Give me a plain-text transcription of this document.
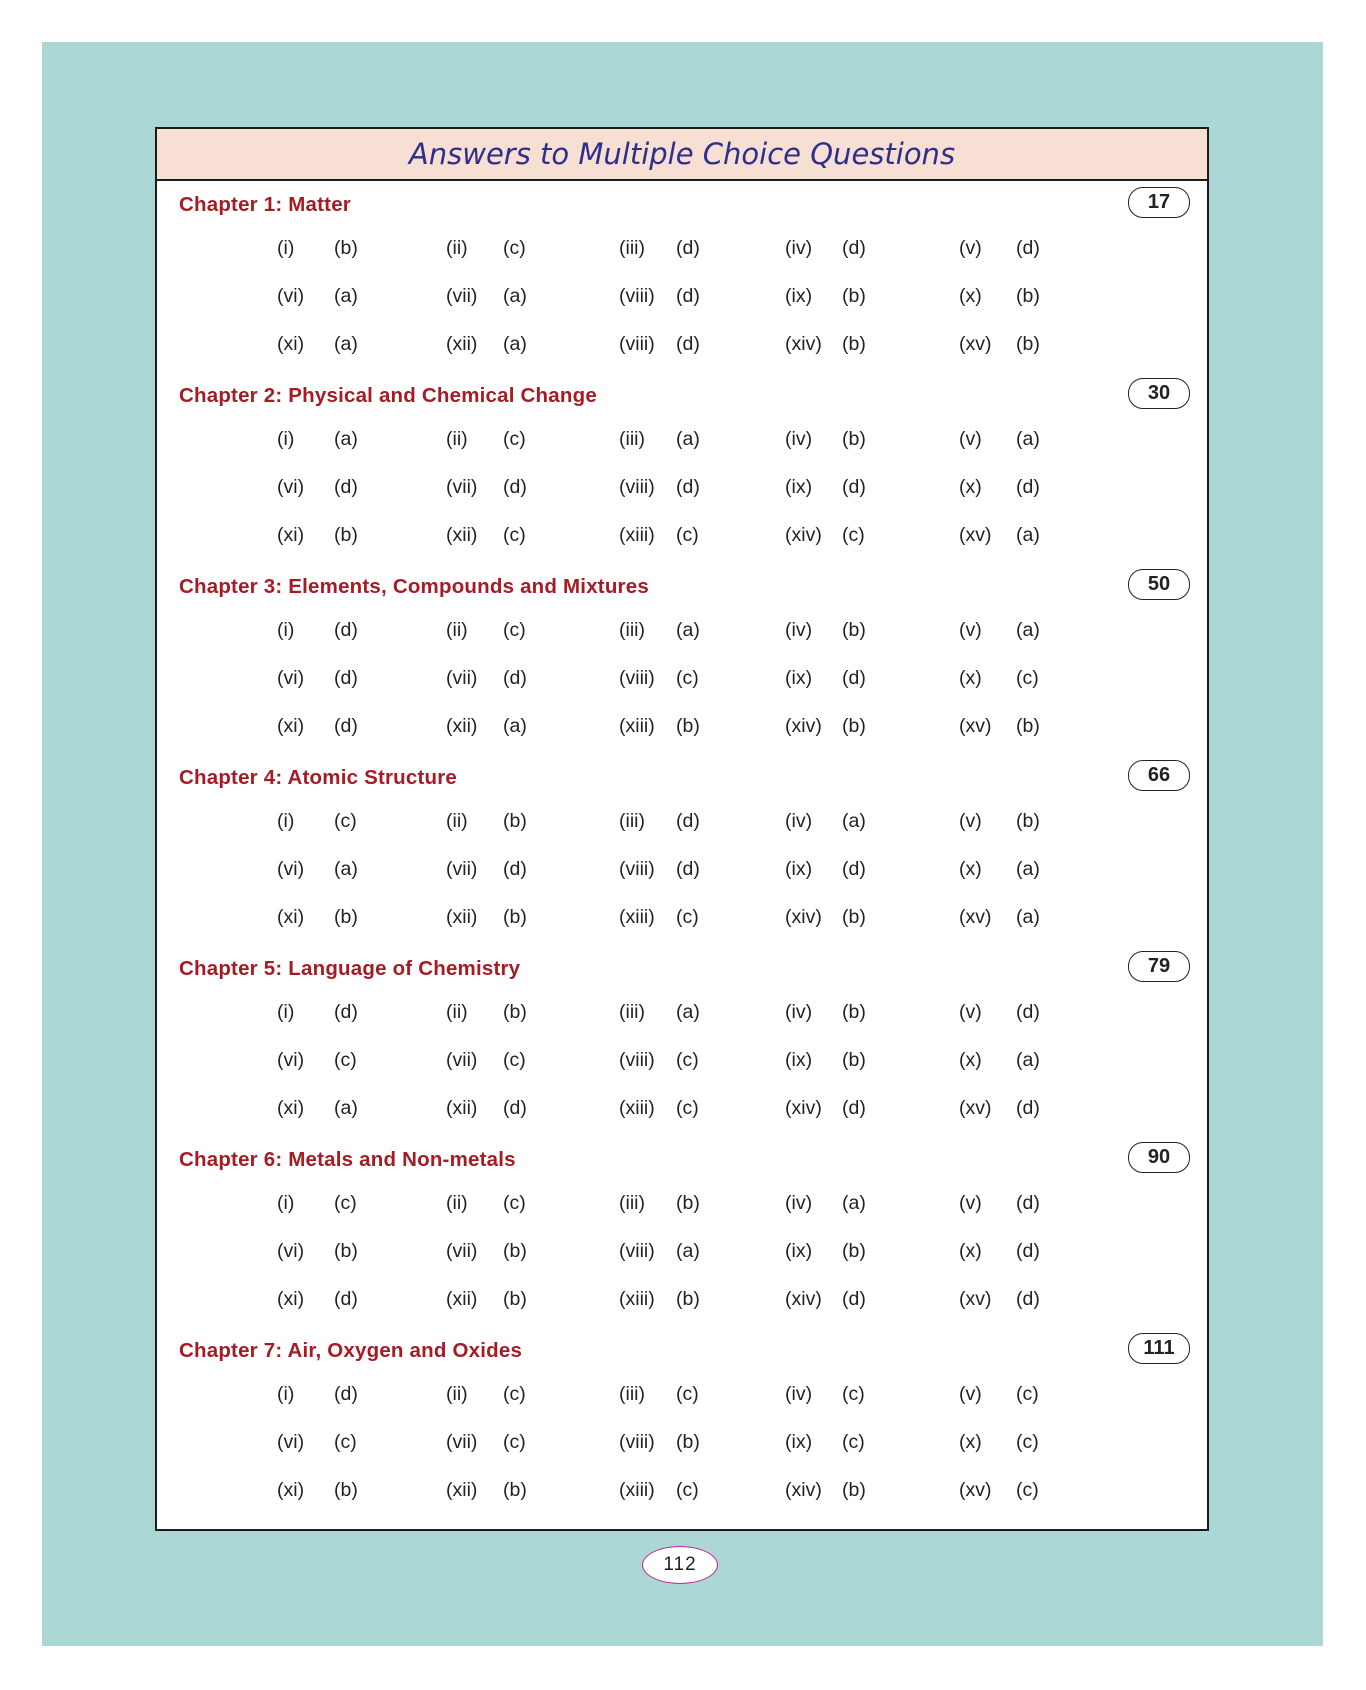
Answers to Multiple Choice Questions
Chapter 1: Matter	17
(i) (b)	(ii) (c)	(iii) (d)	(iv) (d)	(v) (d)
(vi) (a)	(vii) (a)	(viii) (d)	(ix) (b)	(x) (b)
(xi) (a)	(xii) (a)	(viii) (d)	(xiv) (b)	(xv) (b)
Chapter 2: Physical and Chemical Change	30
(i) (a)	(ii) (c)	(iii) (a)	(iv) (b)	(v) (a)
(vi) (d)	(vii) (d)	(viii) (d)	(ix) (d)	(x) (d)
(xi) (b)	(xii) (c)	(xiii) (c)	(xiv) (c)	(xv) (a)
Chapter 3: Elements, Compounds and Mixtures	50
(i) (d)	(ii) (c)	(iii) (a)	(iv) (b)	(v) (a)
(vi) (d)	(vii) (d)	(viii) (c)	(ix) (d)	(x) (c)
(xi) (d)	(xii) (a)	(xiii) (b)	(xiv) (b)	(xv) (b)
Chapter 4: Atomic Structure	66
(i) (c)	(ii) (b)	(iii) (d)	(iv) (a)	(v) (b)
(vi) (a)	(vii) (d)	(viii) (d)	(ix) (d)	(x) (a)
(xi) (b)	(xii) (b)	(xiii) (c)	(xiv) (b)	(xv) (a)
Chapter 5: Language of Chemistry	79
(i) (d)	(ii) (b)	(iii) (a)	(iv) (b)	(v) (d)
(vi) (c)	(vii) (c)	(viii) (c)	(ix) (b)	(x) (a)
(xi) (a)	(xii) (d)	(xiii) (c)	(xiv) (d)	(xv) (d)
Chapter 6: Metals and Non-metals	90
(i) (c)	(ii) (c)	(iii) (b)	(iv) (a)	(v) (d)
(vi) (b)	(vii) (b)	(viii) (a)	(ix) (b)	(x) (d)
(xi) (d)	(xii) (b)	(xiii) (b)	(xiv) (d)	(xv) (d)
Chapter 7: Air, Oxygen and Oxides	111
(i) (d)	(ii) (c)	(iii) (c)	(iv) (c)	(v) (c)
(vi) (c)	(vii) (c)	(viii) (b)	(ix) (c)	(x) (c)
(xi) (b)	(xii) (b)	(xiii) (c)	(xiv) (b)	(xv) (c)
112
